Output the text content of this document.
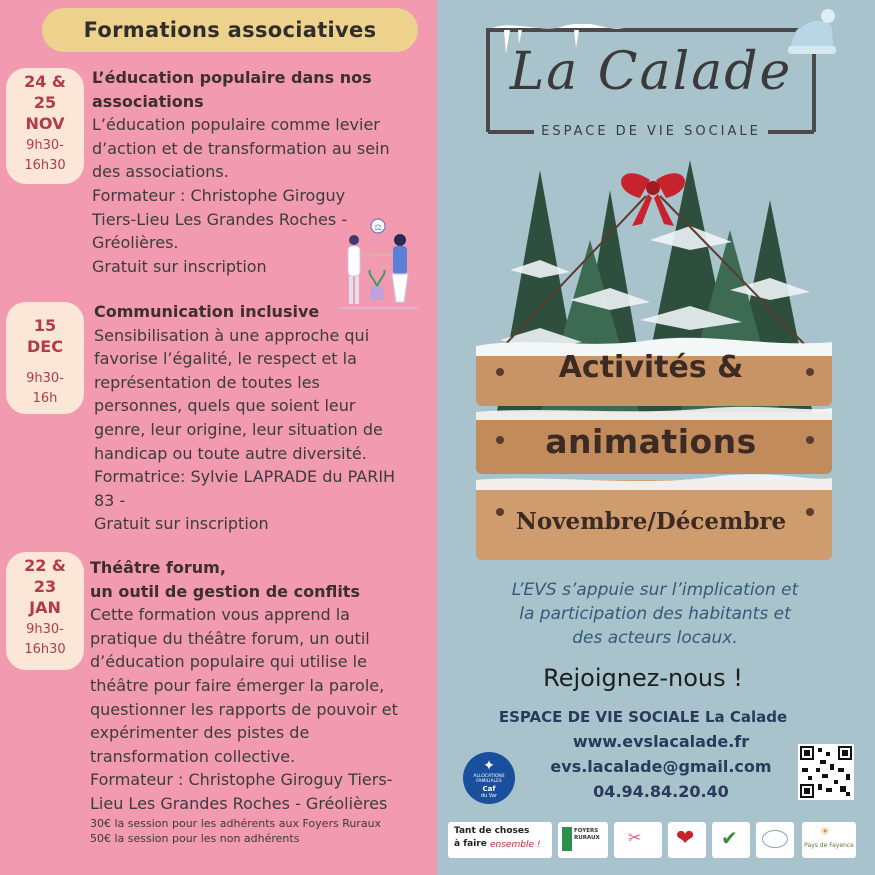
Formations associatives
24 &
25
NOV
9h30-
16h30
L’éducation populaire dans nos
associations
L’éducation populaire comme levier
d’action et de transformation au sein
des associations.
Formateur : Christophe Giroguy
Tiers-Lieu Les Grandes Roches -
Gréolières.
Gratuit sur inscription
⚖
15
DEC
9h30-
16h
Communication inclusive
Sensibilisation à une approche qui
favorise l’égalité, le respect et la
représentation de toutes les
personnes, quels que soient leur
genre, leur origine, leur situation de
handicap ou toute autre diversité.
Formatrice: Sylvie LAPRADE du PARIH
83 -
Gratuit sur inscription
22 &
23
JAN
9h30-
16h30
Théâtre forum,
un outil de gestion de conflits
Cette formation vous apprend la
pratique du théâtre forum, un outil
d’éducation populaire qui utilise le
théâtre pour faire émerger la parole,
questionner les rapports de pouvoir et
expérimenter des pistes de
transformation collective.
Formateur : Christophe Giroguy Tiers-
Lieu Les Grandes Roches - Gréolières
30€ la session pour les adhérents aux Foyers Ruraux
50€ la session pour les non adhérents
La Calade
ESPACE DE VIE SOCIALE
Activités &
animations
Novembre/Décembre
L’EVS s’appuie sur l’implication et
la participation des habitants et
des acteurs locaux.
Rejoignez-nous !
ESPACE DE VIE SOCIALE La Calade
www.evslacalade.fr
evs.lacalade@gmail.com
04.94.84.20.40
✦
ALLOCATIONS
FAMILIALES
Caf
du Var
Tant de choses
à faire ensemble !
FOYERS RURAUX	✂ ❤ ✔	☀
Pays de Fayence
